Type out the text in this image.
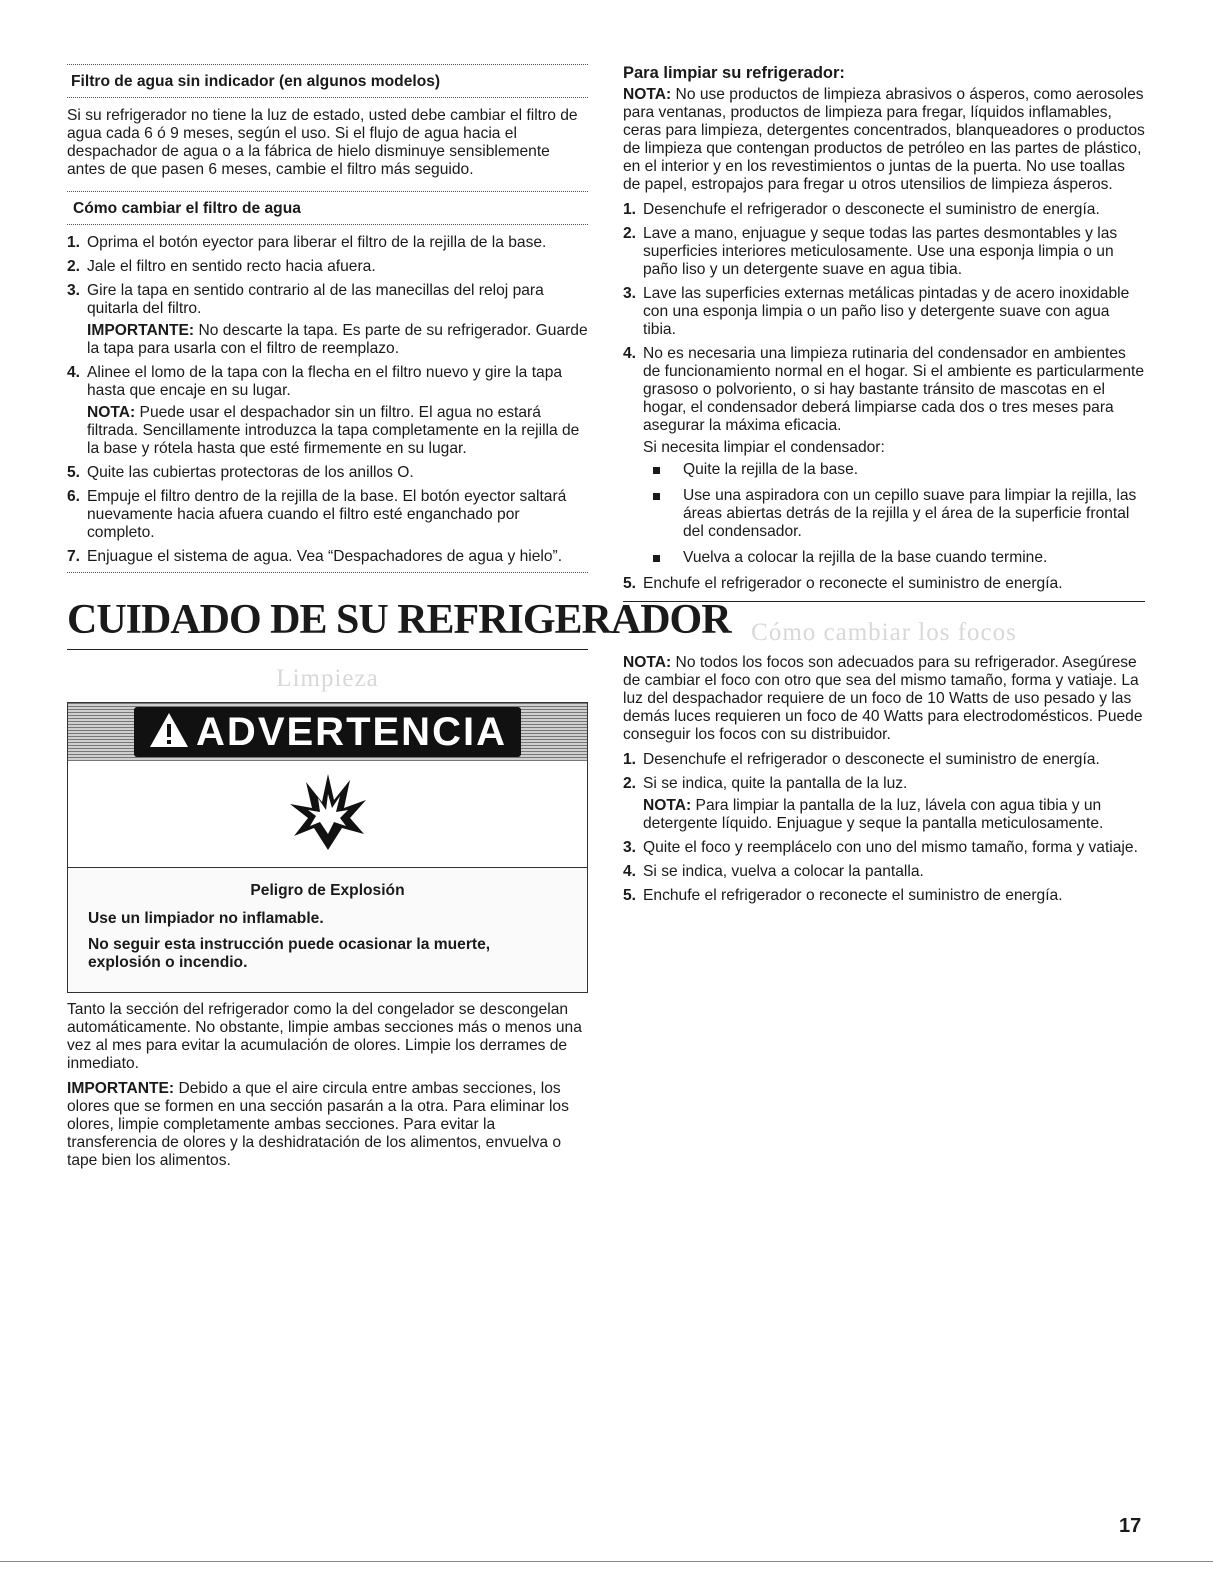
Filtro de agua sin indicador (en algunos modelos)

Si su refrigerador no tiene la luz de estado, usted debe cambiar el filtro de agua cada 6 ó 9 meses, según el uso. Si el flujo de agua hacia el despachador de agua o a la fábrica de hielo disminuye sensiblemente antes de que pasen 6 meses, cambie el filtro más seguido.

Cómo cambiar el filtro de agua
1. Oprima el botón eyector para liberar el filtro de la rejilla de la base.
2. Jale el filtro en sentido recto hacia afuera.
3. Gire la tapa en sentido contrario al de las manecillas del reloj para quitarla del filtro.

IMPORTANTE: No descarte la tapa. Es parte de su refrigerador. Guarde la tapa para usarla con el filtro de reemplazo.

4. Alinee el lomo de la tapa con la flecha en el filtro nuevo y gire la tapa hasta que encaje en su lugar.

NOTA: Puede usar el despachador sin un filtro. El agua no estará filtrada. Sencillamente introduzca la tapa completamente en la rejilla de la base y rótela hasta que esté firmemente en su lugar.

5. Quite las cubiertas protectoras de los anillos O.
6. Empuje el filtro dentro de la rejilla de la base. El botón eyector saltará nuevamente hacia afuera cuando el filtro esté enganchado por completo.
7. Enjuague el sistema de agua. Vea “Despachadores de agua y hielo”.
CUIDADO DE SU REFRIGERADOR
Limpieza
ADVERTENCIA
Peligro de Explosión

Use un limpiador no inflamable.

No seguir esta instrucción puede ocasionar la muerte, explosión o incendio.

Tanto la sección del refrigerador como la del congelador se descongelan automáticamente. No obstante, limpie ambas secciones más o menos una vez al mes para evitar la acumulación de olores. Limpie los derrames de inmediato.

IMPORTANTE: Debido a que el aire circula entre ambas secciones, los olores que se formen en una sección pasarán a la otra. Para eliminar los olores, limpie completamente ambas secciones. Para evitar la transferencia de olores y la deshidratación de los alimentos, envuelva o tape bien los alimentos.

Para limpiar su refrigerador:

NOTA: No use productos de limpieza abrasivos o ásperos, como aerosoles para ventanas, productos de limpieza para fregar, líquidos inflamables, ceras para limpieza, detergentes concentrados, blanqueadores o productos de limpieza que contengan productos de petróleo en las partes de plástico, en el interior y en los revestimientos o juntas de la puerta. No use toallas de papel, estropajos para fregar u otros utensilios de limpieza ásperos.

1. Desenchufe el refrigerador o desconecte el suministro de energía.
2. Lave a mano, enjuague y seque todas las partes desmontables y las superficies interiores meticulosamente. Use una esponja limpia o un paño liso y un detergente suave en agua tibia.
3. Lave las superficies externas metálicas pintadas y de acero inoxidable con una esponja limpia o un paño liso y detergente suave con agua tibia.
4. No es necesaria una limpieza rutinaria del condensador en ambientes de funcionamiento normal en el hogar. Si el ambiente es particularmente grasoso o polvoriento, o si hay bastante tránsito de mascotas en el hogar, el condensador deberá limpiarse cada dos o tres meses para asegurar la máxima eficacia.

Si necesita limpiar el condensador:

Quite la rejilla de la base.
Use una aspiradora con un cepillo suave para limpiar la rejilla, las áreas abiertas detrás de la rejilla y el área de la superficie frontal del condensador.
Vuelva a colocar la rejilla de la base cuando termine.
5. Enchufe el refrigerador o reconecte el suministro de energía.
Cómo cambiar los focos

NOTA: No todos los focos son adecuados para su refrigerador. Asegúrese de cambiar el foco con otro que sea del mismo tamaño, forma y vatiaje. La luz del despachador requiere de un foco de 10 Watts de uso pesado y las demás luces requieren un foco de 40 Watts para electrodomésticos. Puede conseguir los focos con su distribuidor.

1. Desenchufe el refrigerador o desconecte el suministro de energía.
2. Si se indica, quite la pantalla de la luz.

NOTA: Para limpiar la pantalla de la luz, lávela con agua tibia y un detergente líquido. Enjuague y seque la pantalla meticulosamente.

3. Quite el foco y reemplácelo con uno del mismo tamaño, forma y vatiaje.
4. Si se indica, vuelva a colocar la pantalla.
5. Enchufe el refrigerador o reconecte el suministro de energía.
17
